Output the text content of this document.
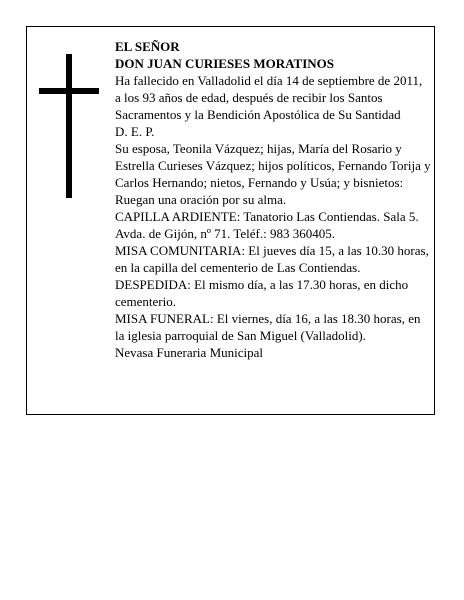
EL SEÑOR

DON JUAN CURIESES MORATINOS

Ha fallecido en Valladolid el día 14 de septiembre de 2011, a los 93 años de edad, después de recibir los Santos Sacramentos y la Bendición Apostólica de Su Santidad

D. E. P.

Su esposa, Teonila Vázquez; hijas, María del Rosario y Estrella Curieses Vázquez; hijos políticos, Fernando Torija y Carlos Hernando; nietos, Fernando y Usúa; y bisnietos:

Ruegan una oración por su alma.

CAPILLA ARDIENTE: Tanatorio Las Contiendas. Sala 5. Avda. de Gijón, nº 71. Teléf.: 983 360405.

MISA COMUNITARIA: El jueves día 15, a las 10.30 horas, en la capilla del cementerio de Las Contiendas.

DESPEDIDA: El mismo día, a las 17.30 horas, en dicho cementerio.

MISA FUNERAL: El viernes, día 16, a las 18.30 horas, en la iglesia parroquial de San Miguel (Valladolid).

Nevasa Funeraria Municipal
